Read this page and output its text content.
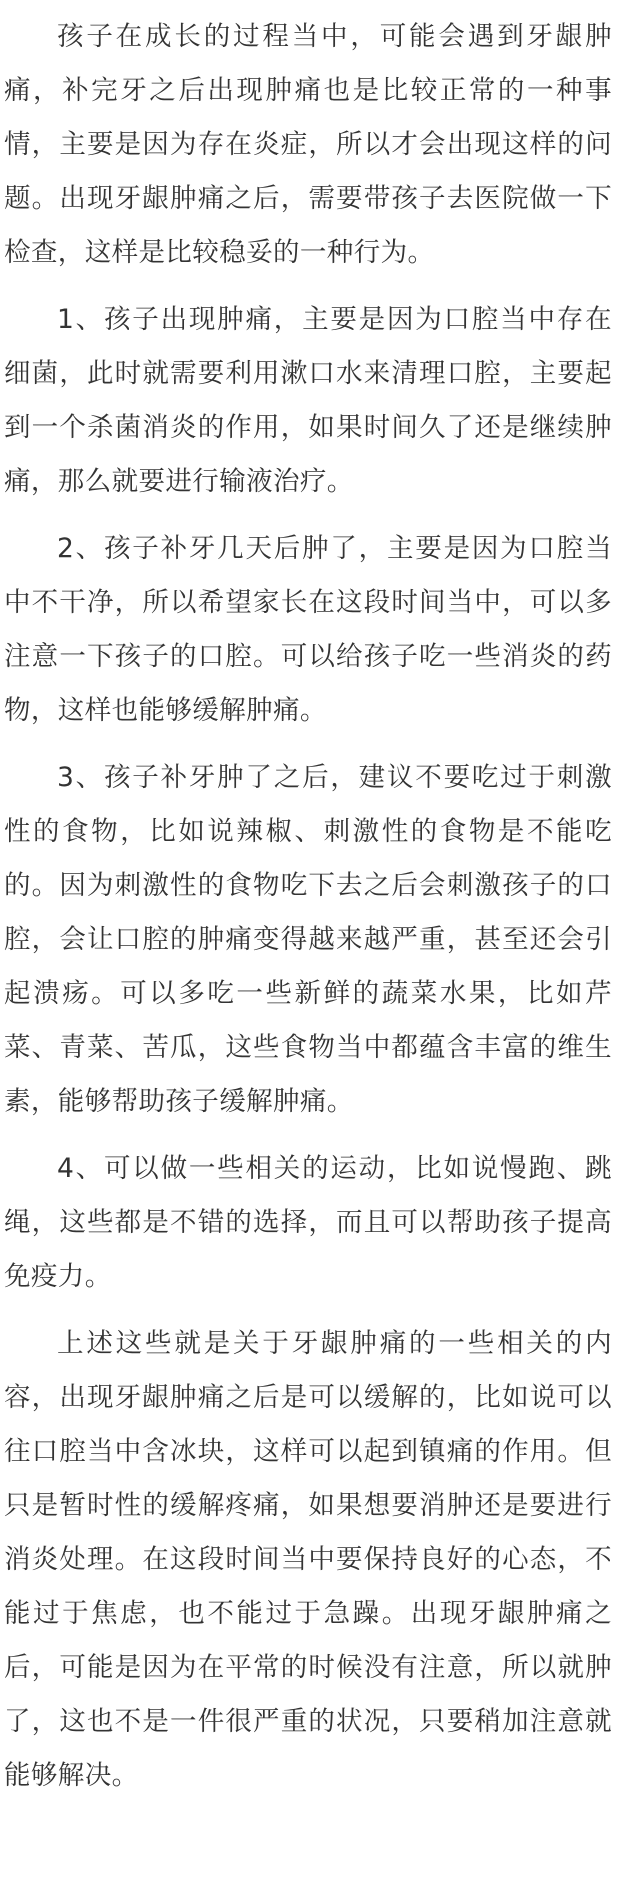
孩子在成长的过程当中，可能会遇到牙龈肿痛，补完牙之后出现肿痛也是比较正常的一种事情，主要是因为存在炎症，所以才会出现这样的问题。出现牙龈肿痛之后，需要带孩子去医院做一下检查，这样是比较稳妥的一种行为。

1、孩子出现肿痛，主要是因为口腔当中存在细菌，此时就需要利用漱口水来清理口腔，主要起到一个杀菌消炎的作用，如果时间久了还是继续肿痛，那么就要进行输液治疗。

2、孩子补牙几天后肿了，主要是因为口腔当中不干净，所以希望家长在这段时间当中，可以多注意一下孩子的口腔。可以给孩子吃一些消炎的药物，这样也能够缓解肿痛。

3、孩子补牙肿了之后，建议不要吃过于刺激性的食物，比如说辣椒、刺激性的食物是不能吃的。因为刺激性的食物吃下去之后会刺激孩子的口腔，会让口腔的肿痛变得越来越严重，甚至还会引起溃疡。可以多吃一些新鲜的蔬菜水果，比如芹菜、青菜、苦瓜，这些食物当中都蕴含丰富的维生素，能够帮助孩子缓解肿痛。

4、可以做一些相关的运动，比如说慢跑、跳绳，这些都是不错的选择，而且可以帮助孩子提高免疫力。

上述这些就是关于牙龈肿痛的一些相关的内容，出现牙龈肿痛之后是可以缓解的，比如说可以往口腔当中含冰块，这样可以起到镇痛的作用。但只是暂时性的缓解疼痛，如果想要消肿还是要进行消炎处理。在这段时间当中要保持良好的心态，不能过于焦虑，也不能过于急躁。出现牙龈肿痛之后，可能是因为在平常的时候没有注意，所以就肿了，这也不是一件很严重的状况，只要稍加注意就能够解决。
